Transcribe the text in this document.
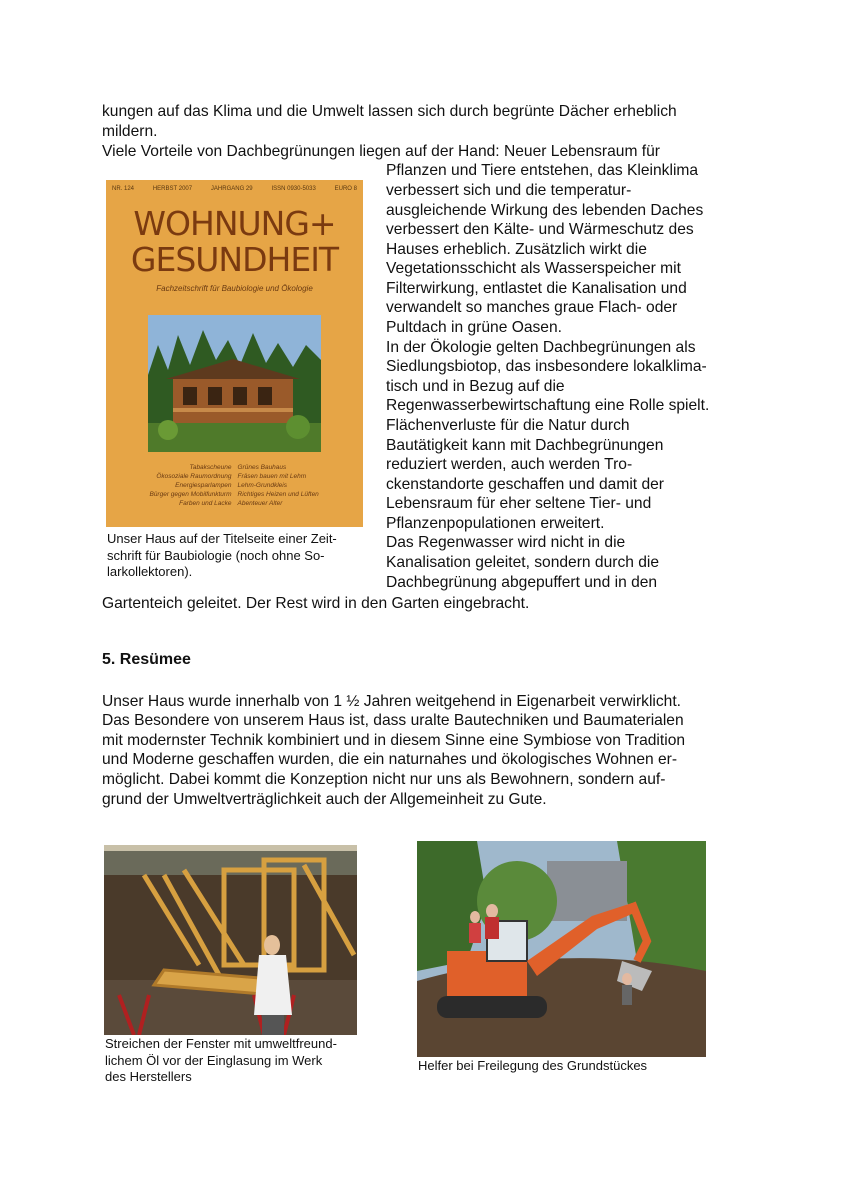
kungen auf das Klima und die Umwelt lassen sich durch begrünte Dächer erheblich
mildern.
Viele Vorteile von Dachbegrünungen liegen auf der Hand: Neuer Lebensraum für
Pflanzen und Tiere entstehen, das Kleinklima
verbessert sich und die temperatur-
ausgleichende Wirkung des lebenden Daches
verbessert den Kälte- und Wärmeschutz des
Hauses erheblich. Zusätzlich wirkt die
Vegetationsschicht als Wasserspeicher mit
Filterwirkung, entlastet die Kanalisation und
verwandelt so manches graue Flach- oder
Pultdach in grüne Oasen.
In der Ökologie gelten Dachbegrünungen als
Siedlungsbiotop, das insbesondere lokalklima-
tisch und in Bezug auf die
Regenwasserbewirtschaftung eine Rolle spielt.
Flächenverluste für die Natur durch
Bautätigkeit kann mit Dachbegrünungen
reduziert werden, auch werden Tro-
ckenstandorte geschaffen und damit der
Lebensraum für eher seltene Tier- und
Pflanzenpopulationen erweitert.
Das Regenwasser wird nicht in die
Kanalisation geleitet, sondern durch die
Dachbegrünung abgepuffert und in den
NR. 124	HERBST 2007	JAHRGANG 29	ISSN 0930-5033	EURO 8
WOHNUNG+
GESUNDHEIT
Fachzeitschrift für Baubiologie und Ökologie
Tabakscheune Grünes Bauhaus
Ökosoziale Raumordnung Fräsen bauen mit Lehm
Energiesparlampen Lehm-Grundkleis
Bürger gegen Mobilfunkturm Richtiges Heizen und Lüften
Farben und Lacke Abenteuer Alter
Unser Haus auf der Titelseite einer Zeit-
schrift für Baubiologie (noch ohne So-
larkollektoren).
Gartenteich geleitet. Der Rest wird in den Garten eingebracht.
5. Resümee
Unser Haus wurde innerhalb von 1 ½ Jahren weitgehend in Eigenarbeit verwirklicht.
Das Besondere von unserem Haus ist, dass uralte Bautechniken und Baumaterialen
mit modernster Technik kombiniert und in diesem Sinne eine Symbiose von Tradition
und Moderne geschaffen wurden, die ein naturnahes und ökologisches Wohnen er-
möglicht. Dabei kommt die Konzeption nicht nur uns als Bewohnern, sondern auf-
grund der Umweltverträglichkeit auch der Allgemeinheit zu Gute.
Streichen der Fenster mit umweltfreund-
lichem Öl vor der Einglasung im Werk
des Herstellers
Helfer bei Freilegung des Grundstückes
